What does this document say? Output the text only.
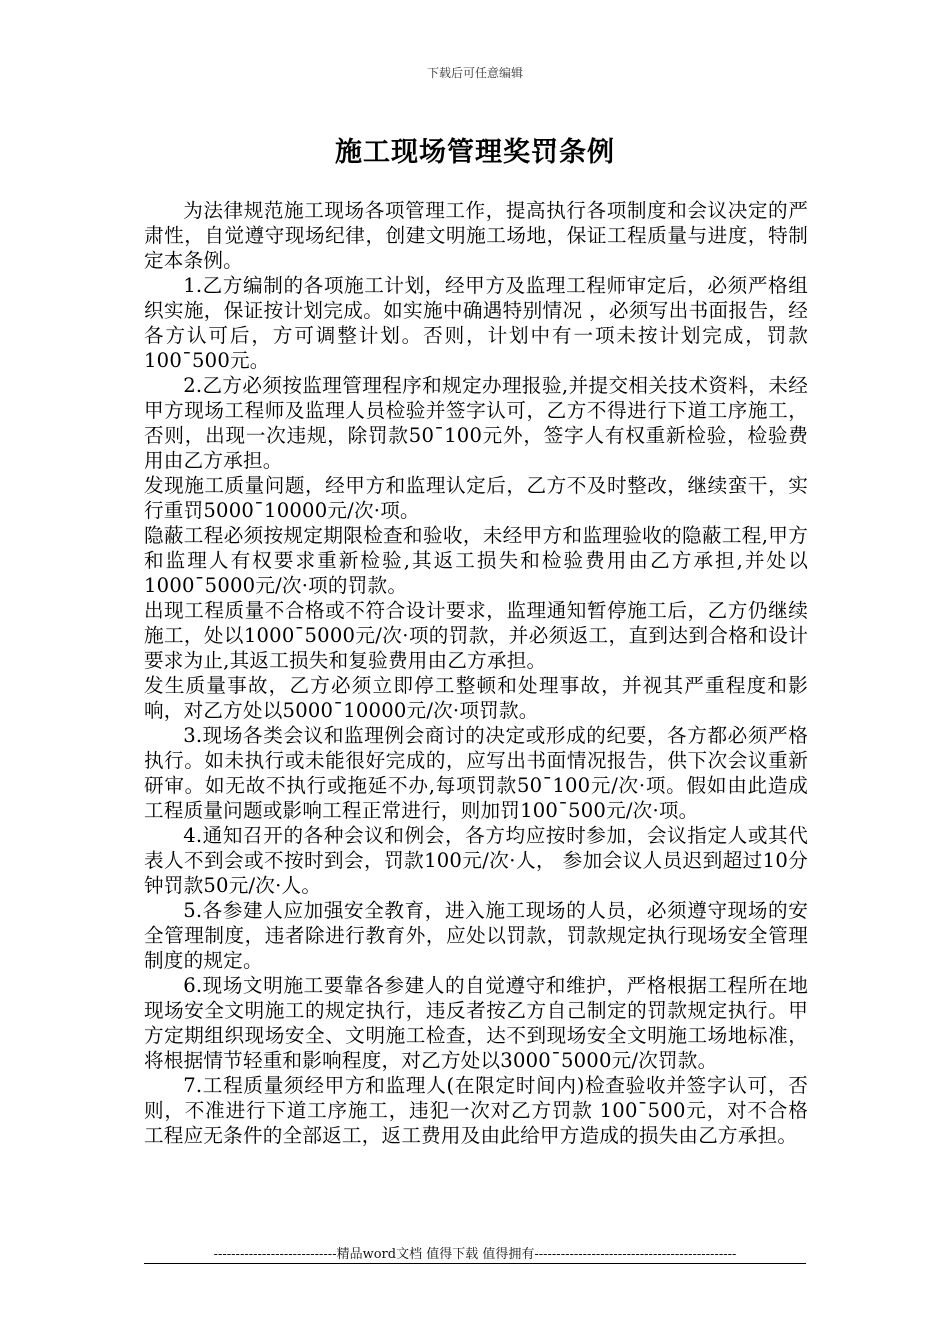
下载后可任意编辑
施工现场管理奖罚条例

为法律规范施工现场各项管理工作，提高执行各项制度和会议决定的严肃性，自觉遵守现场纪律，创建文明施工场地，保证工程质量与进度，特制定本条例。

1.乙方编制的各项施工计划，经甲方及监理工程师审定后，必须严格组织实施，保证按计划完成。如实施中确遇特别情况 ，必须写出书面报告，经各方认可后，方可调整计划。否则，计划中有一项未按计划完成，罚款100¯500元。

2.乙方必须按监理管理程序和规定办理报验,并提交相关技术资料，未经甲方现场工程师及监理人员检验并签字认可，乙方不得进行下道工序施工，否则，出现一次违规，除罚款50¯100元外，签字人有权重新检验，检验费用由乙方承担。

发现施工质量问题，经甲方和监理认定后，乙方不及时整改，继续蛮干，实行重罚5000¯10000元/次·项。

隐蔽工程必须按规定期限检查和验收，未经甲方和监理验收的隐蔽工程,甲方和监理人有权要求重新检验,其返工损失和检验费用由乙方承担,并处以1000¯5000元/次·项的罚款。

出现工程质量不合格或不符合设计要求，监理通知暂停施工后，乙方仍继续施工，处以1000¯5000元/次·项的罚款，并必须返工，直到达到合格和设计要求为止,其返工损失和复验费用由乙方承担。

发生质量事故，乙方必须立即停工整顿和处理事故，并视其严重程度和影响，对乙方处以5000¯10000元/次·项罚款。

3.现场各类会议和监理例会商讨的决定或形成的纪要，各方都必须严格执行。如未执行或未能很好完成的，应写出书面情况报告，供下次会议重新研审。如无故不执行或拖延不办,每项罚款50¯100元/次·项。假如由此造成工程质量问题或影响工程正常进行，则加罚100¯500元/次·项。

4.通知召开的各种会议和例会，各方均应按时参加，会议指定人或其代表人不到会或不按时到会，罚款100元/次·人， 参加会议人员迟到超过10分钟罚款50元/次·人。

5.各参建人应加强安全教育，进入施工现场的人员，必须遵守现场的安全管理制度，违者除进行教育外，应处以罚款，罚款规定执行现场安全管理制度的规定。

6.现场文明施工要靠各参建人的自觉遵守和维护，严格根据工程所在地现场安全文明施工的规定执行，违反者按乙方自己制定的罚款规定执行。甲方定期组织现场安全、文明施工检查，达不到现场安全文明施工场地标准，将根据情节轻重和影响程度，对乙方处以3000¯5000元/次罚款。

7.工程质量须经甲方和监理人(在限定时间内)检查验收并签字认可，否则，不准进行下道工序施工，违犯一次对乙方罚款 100¯500元，对不合格工程应无条件的全部返工，返工费用及由此给甲方造成的损失由乙方承担。

----------------------------精品word文档 值得下载 值得拥有----------------------------------------------
